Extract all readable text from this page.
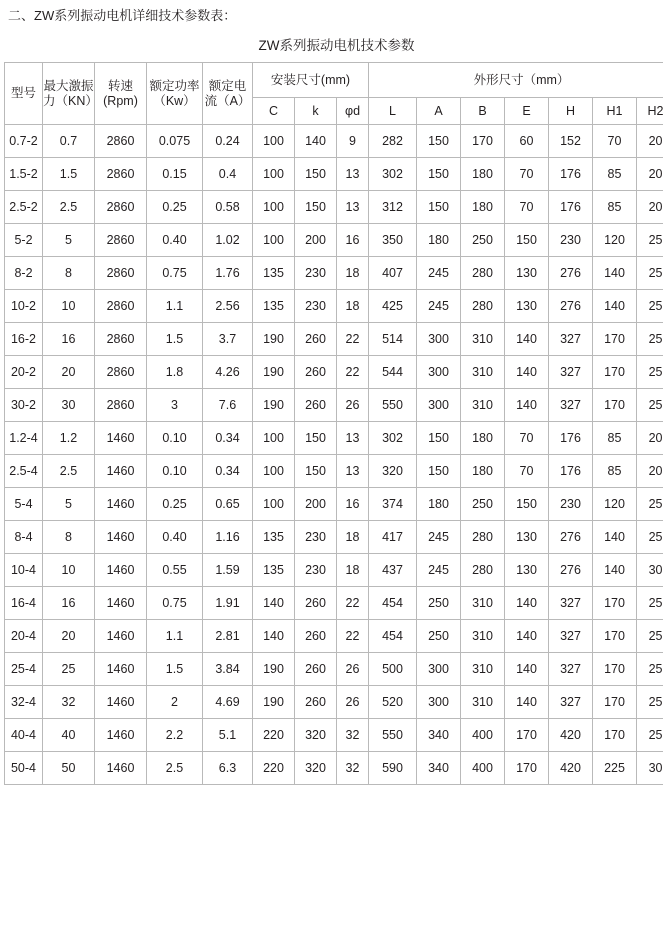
二、ZW系列振动电机详细技术参数表：
ZW系列振动电机技术参数
型号	最大激振力（KN）	转速(Rpm)	额定功率（Kw）	额定电流（A）	安装尺寸(mm)			外形尺寸（mm）						

					C	k	φd	L	A	B	E	H	H1	H2
0.7-2	0.7	2860	0.075	0.24	100	140	9	282	150	170	60	152	70	20
1.5-2	1.5	2860	0.15	0.4	100	150	13	302	150	180	70	176	85	20
2.5-2	2.5	2860	0.25	0.58	100	150	13	312	150	180	70	176	85	20
5-2	5	2860	0.40	1.02	100	200	16	350	180	250	150	230	120	25
8-2	8	2860	0.75	1.76	135	230	18	407	245	280	130	276	140	25
10-2	10	2860	1.1	2.56	135	230	18	425	245	280	130	276	140	25
16-2	16	2860	1.5	3.7	190	260	22	514	300	310	140	327	170	25
20-2	20	2860	1.8	4.26	190	260	22	544	300	310	140	327	170	25
30-2	30	2860	3	7.6	190	260	26	550	300	310	140	327	170	25
1.2-4	1.2	1460	0.10	0.34	100	150	13	302	150	180	70	176	85	20
2.5-4	2.5	1460	0.10	0.34	100	150	13	320	150	180	70	176	85	20
5-4	5	1460	0.25	0.65	100	200	16	374	180	250	150	230	120	25
8-4	8	1460	0.40	1.16	135	230	18	417	245	280	130	276	140	25
10-4	10	1460	0.55	1.59	135	230	18	437	245	280	130	276	140	30
16-4	16	1460	0.75	1.91	140	260	22	454	250	310	140	327	170	25
20-4	20	1460	1.1	2.81	140	260	22	454	250	310	140	327	170	25
25-4	25	1460	1.5	3.84	190	260	26	500	300	310	140	327	170	25
32-4	32	1460	2	4.69	190	260	26	520	300	310	140	327	170	25
40-4	40	1460	2.2	5.1	220	320	32	550	340	400	170	420	170	25
50-4	50	1460	2.5	6.3	220	320	32	590	340	400	170	420	225	30
